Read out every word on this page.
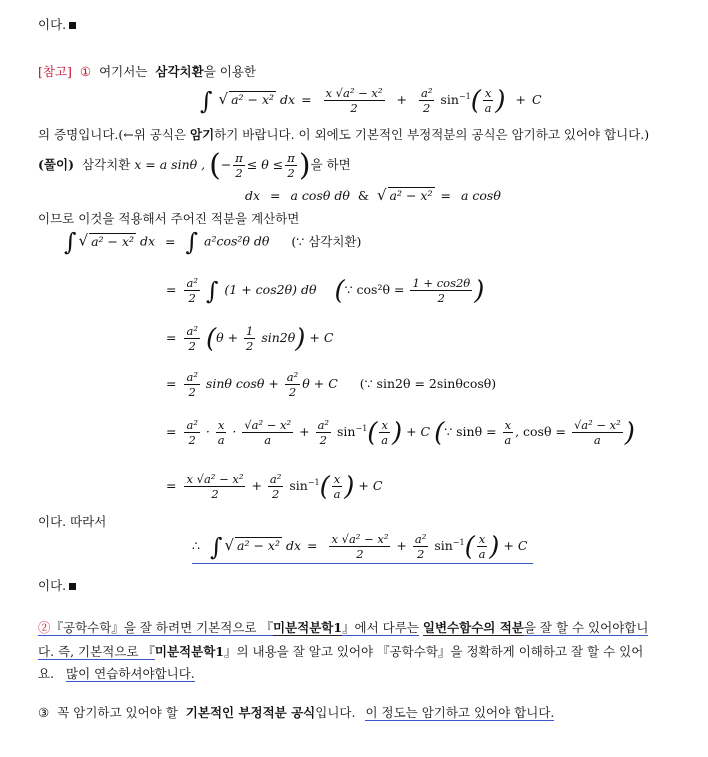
이다.
[참고] ① 여기서는 삼각치환을 이용한
∫ √ a² − x² dx = $\frac{\text{x √a² − x²}}{2} + \frac{\text{a²}}{2} \sin^{-1}( \frac{x}{a}$ ) + C
의 증명입니다.(←위 공식은 암기하기 바랍니다. 이 외에도 기본적인 부정적분의 공식은 암기하고 있어야 합니다.)
(풀이) 삼각치환 x = a sinθ , (− $\frac{\pi}{2} \le \theta \le \frac{\pi}{2}$ )을 하면
dx = a cosθ dθ & √ a² − x² = a cosθ
이므로 이것을 적용해서 주어진 적분을 계산하면
∫ √ a² − x² dx = ∫ a²cos²θ dθ (∵ 삼각치환)
= $\frac{\text{a²}}{2}$ ∫ (1 + cos2θ) dθ (∵ $\cos^2\theta = \frac{1 + \cos 2\theta}{2}$ )
= $\frac{\text{a²}}{2} (\theta + \frac{1}{2} \sin 2\theta) + C$
= $\frac{\text{a²}}{2}$ sinθ $\cos\theta + \frac{\text{a²}}{2}$ θ + C (∵ sin2θ = 2sinθcosθ)
= $\frac{\text{a²}}{2} \cdot \frac{x}{a} \cdot \frac{\text{√a² − x²}}{a} + \frac{\text{a²}}{2} \sin^{-1}( \frac{x}{a}$ ) + C (∵ $\sin\theta = \frac{x}{a}$ , $\cos\theta = \frac{\text{√a² − x²}}{a}$ )
= $\frac{\text{x √a² − x²}}{2} + \frac{\text{a²}}{2} \sin^{-1}( \frac{x}{a}$ ) + C
이다. 따라서
∴ ∫ √ a² − x² dx = $\frac{\text{x √a² − x²}}{2} + \frac{\text{a²}}{2} \sin^{-1}( \frac{x}{a}$ ) + C
이다.
②『공학수학』을 잘 하려면 기본적으로 『미분적분학1』에서 다루는 일변수함수의 적분을 잘 할 수 있어야합니
다. 즉, 기본적으로 『미분적분학1』의 내용을 잘 알고 있어야 『공학수학』을 정확하게 이해하고 잘 할 수 있어
요. 많이 연습하셔야합니다.
③ 꼭 암기하고 있어야 할 기본적인 부정적분 공식입니다. 이 정도는 암기하고 있어야 합니다.
